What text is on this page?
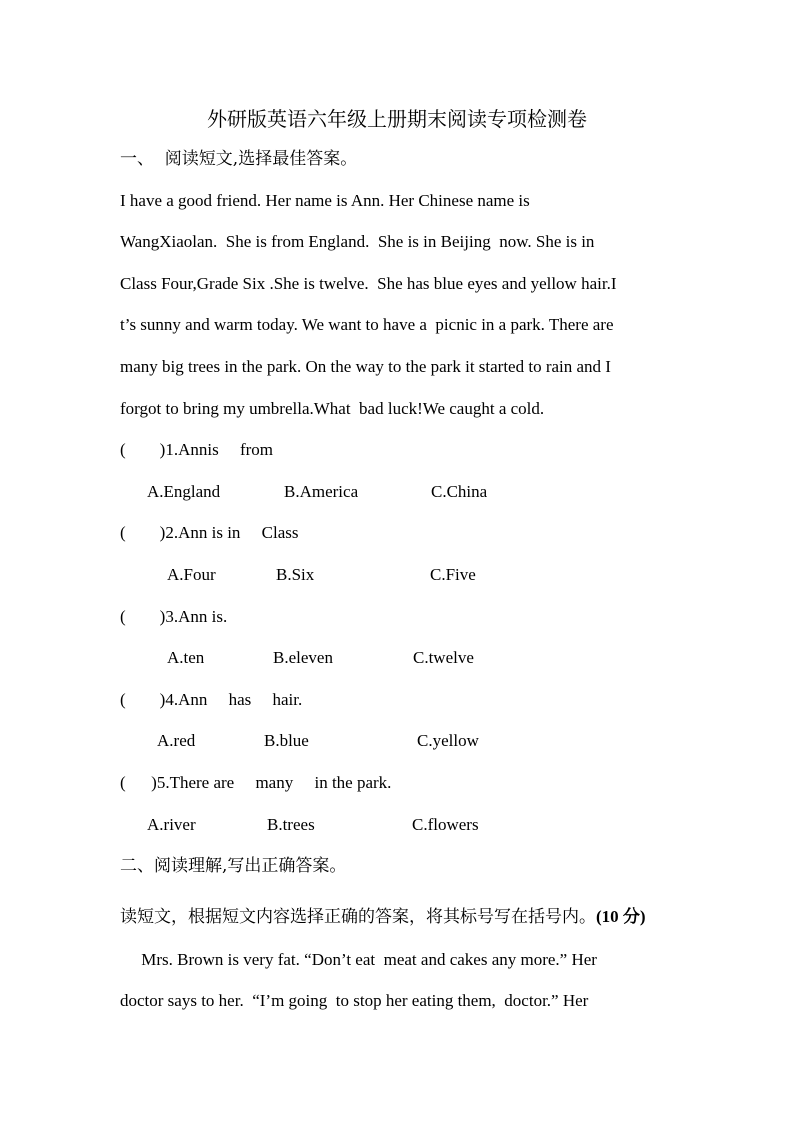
外研版英语六年级上册期末阅读专项检测卷
一、  阅读短文,选择最佳答案。
I have a good friend. Her name is Ann. Her Chinese name is
WangXiaolan.  She is from England.  She is in Beijing  now. She is in
Class Four,Grade Six .She is twelve.  She has blue eyes and yellow hair.I
t’s sunny and warm today. We want to have a  picnic in a park. There are
many big trees in the park. On the way to the park it started to rain and I
forgot to bring my umbrella.What  bad luck!We caught a cold.
(        )1.Annis     from
A.England	B.America	C.China
(        )2.Ann is in     Class
A.Four	B.Six	C.Five
(        )3.Ann is.
A.ten	B.eleven	C.twelve
(        )4.Ann     has     hair.
A.red	B.blue	C.yellow
(      )5.There are     many     in the park.
A.river	B.trees	C.flowers
二、阅读理解,写出正确答案。
读短文，根据短文内容选择正确的答案，将其标号写在括号内。(10 分)
Mrs. Brown is very fat. “Don’t eat  meat and cakes any more.” Her
doctor says to her.  “I’m going  to stop her eating them,  doctor.” Her
